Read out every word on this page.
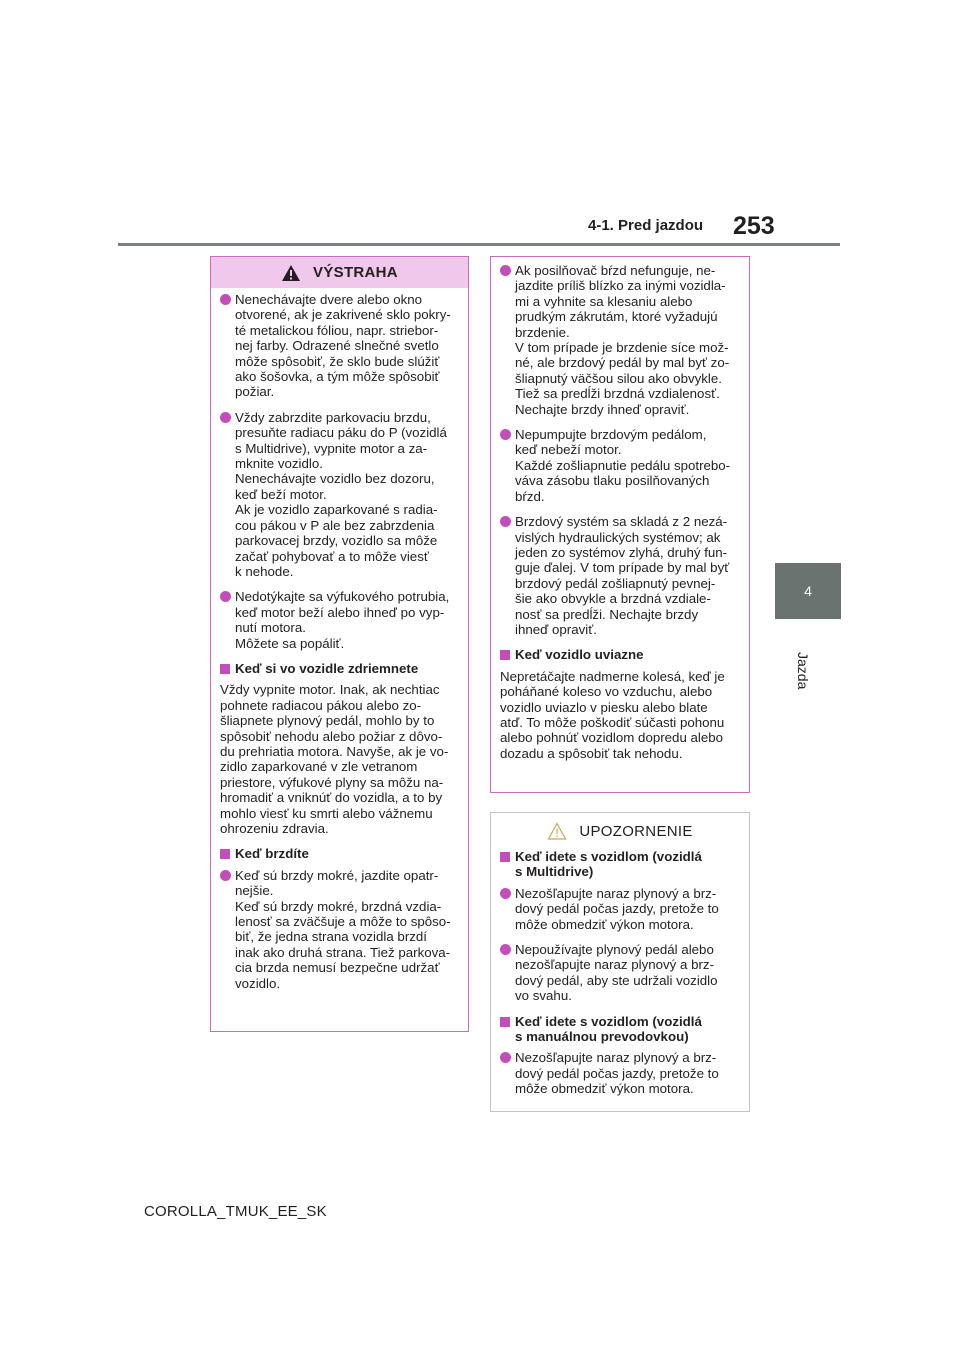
4-1. Pred jazdou 253
4
Jazda
VÝSTRAHA
Nenechávajte dvere alebo okno
otvorené, ak je zakrivené sklo pokry-
té metalickou fóliou, napr. striebor-
nej farby. Odrazené slnečné svetlo
môže spôsobiť, že sklo bude slúžiť
ako šošovka, a tým môže spôsobiť
požiar.
Vždy zabrzdite parkovaciu brzdu,
presuňte radiacu páku do P (vozidlá
s Multidrive), vypnite motor a za-
mknite vozidlo.
Nenechávajte vozidlo bez dozoru,
keď beží motor.
Ak je vozidlo zaparkované s radia-
cou pákou v P ale bez zabrzdenia
parkovacej brzdy, vozidlo sa môže
začať pohybovať a to môže viesť
k nehode.
Nedotýkajte sa výfukového potrubia,
keď motor beží alebo ihneď po vyp-
nutí motora.
Môžete sa popáliť.
Keď si vo vozidle zdriemnete
Vždy vypnite motor. Inak, ak nechtiac
pohnete radiacou pákou alebo zo-
šliapnete plynový pedál, mohlo by to
spôsobiť nehodu alebo požiar z dôvo-
du prehriatia motora. Navyše, ak je vo-
zidlo zaparkované v zle vetranom
priestore, výfukové plyny sa môžu na-
hromadiť a vniknúť do vozidla, a to by
mohlo viesť ku smrti alebo vážnemu
ohrozeniu zdravia.
Keď brzdíte
Keď sú brzdy mokré, jazdite opatr-
nejšie.
Keď sú brzdy mokré, brzdná vzdia-
lenosť sa zväčšuje a môže to spôso-
biť, že jedna strana vozidla brzdí
inak ako druhá strana. Tiež parkova-
cia brzda nemusí bezpečne udržať
vozidlo.
Ak posilňovač bŕzd nefunguje, ne-
jazdite príliš blízko za inými vozidla-
mi a vyhnite sa klesaniu alebo
prudkým zákrutám, ktoré vyžadujú
brzdenie.
V tom prípade je brzdenie síce mož-
né, ale brzdový pedál by mal byť zo-
šliapnutý väčšou silou ako obvykle.
Tiež sa predĺži brzdná vzdialenosť.
Nechajte brzdy ihneď opraviť.
Nepumpujte brzdovým pedálom,
keď nebeží motor.
Každé zošliapnutie pedálu spotrebo-
váva zásobu tlaku posilňovaných
bŕzd.
Brzdový systém sa skladá z 2 nezá-
vislých hydraulických systémov; ak
jeden zo systémov zlyhá, druhý fun-
guje ďalej. V tom prípade by mal byť
brzdový pedál zošliapnutý pevnej-
šie ako obvykle a brzdná vzdiale-
nosť sa predĺži. Nechajte brzdy
ihneď opraviť.
Keď vozidlo uviazne
Nepretáčajte nadmerne kolesá, keď je
poháňané koleso vo vzduchu, alebo
vozidlo uviazlo v piesku alebo blate
atď. To môže poškodiť súčasti pohonu
alebo pohnúť vozidlom dopredu alebo
dozadu a spôsobiť tak nehodu.
UPOZORNENIE
Keď idete s vozidlom (vozidlá
s Multidrive)
Nezošľapujte naraz plynový a brz-
dový pedál počas jazdy, pretože to
môže obmedziť výkon motora.
Nepoužívajte plynový pedál alebo
nezošľapujte naraz plynový a brz-
dový pedál, aby ste udržali vozidlo
vo svahu.
Keď idete s vozidlom (vozidlá
s manuálnou prevodovkou)
Nezošľapujte naraz plynový a brz-
dový pedál počas jazdy, pretože to
môže obmedziť výkon motora.
COROLLA_TMUK_EE_SK
